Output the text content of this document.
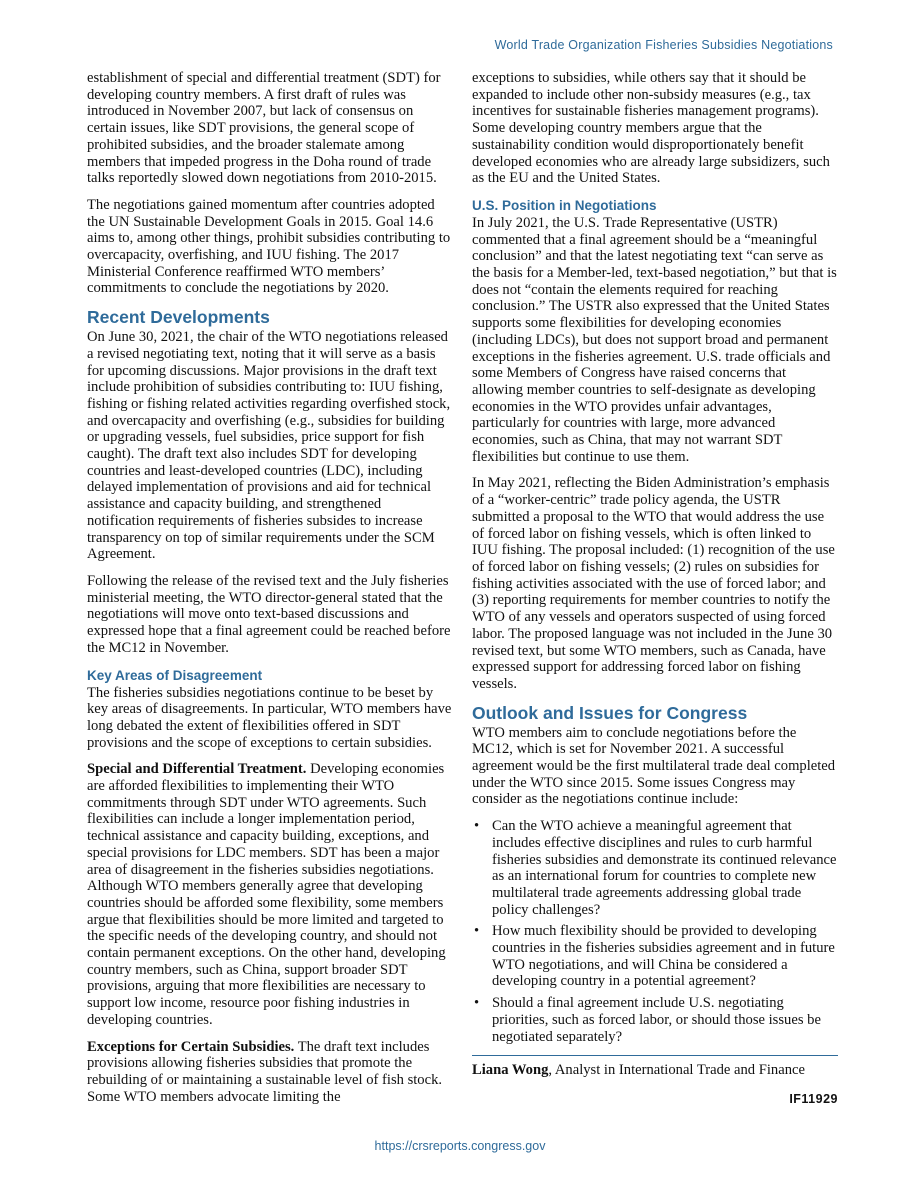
World Trade Organization Fisheries Subsidies Negotiations

establishment of special and differential treatment (SDT) for developing country members. A first draft of rules was introduced in November 2007, but lack of consensus on certain issues, like SDT provisions, the general scope of prohibited subsidies, and the broader stalemate among members that impeded progress in the Doha round of trade talks reportedly slowed down negotiations from 2010-2015.

The negotiations gained momentum after countries adopted the UN Sustainable Development Goals in 2015. Goal 14.6 aims to, among other things, prohibit subsidies contributing to overcapacity, overfishing, and IUU fishing. The 2017 Ministerial Conference reaffirmed WTO members’ commitments to conclude the negotiations by 2020.

Recent Developments

On June 30, 2021, the chair of the WTO negotiations released a revised negotiating text, noting that it will serve as a basis for upcoming discussions. Major provisions in the draft text include prohibition of subsidies contributing to: IUU fishing, fishing or fishing related activities regarding overfished stock, and overcapacity and overfishing (e.g., subsidies for building or upgrading vessels, fuel subsidies, price support for fish caught). The draft text also includes SDT for developing countries and least-developed countries (LDC), including delayed implementation of provisions and aid for technical assistance and capacity building, and strengthened notification requirements of fisheries subsides to increase transparency on top of similar requirements under the SCM Agreement.

Following the release of the revised text and the July fisheries ministerial meeting, the WTO director-general stated that the negotiations will move onto text-based discussions and expressed hope that a final agreement could be reached before the MC12 in November.

Key Areas of Disagreement

The fisheries subsidies negotiations continue to be beset by key areas of disagreements. In particular, WTO members have long debated the extent of flexibilities offered in SDT provisions and the scope of exceptions to certain subsidies.

Special and Differential Treatment. Developing economies are afforded flexibilities to implementing their WTO commitments through SDT under WTO agreements. Such flexibilities can include a longer implementation period, technical assistance and capacity building, exceptions, and special provisions for LDC members. SDT has been a major area of disagreement in the fisheries subsidies negotiations. Although WTO members generally agree that developing countries should be afforded some flexibility, some members argue that flexibilities should be more limited and targeted to the specific needs of the developing country, and should not contain permanent exceptions. On the other hand, developing country members, such as China, support broader SDT provisions, arguing that more flexibilities are necessary to support low income, resource poor fishing industries in developing countries.

Exceptions for Certain Subsidies. The draft text includes provisions allowing fisheries subsidies that promote the rebuilding of or maintaining a sustainable level of fish stock. Some WTO members advocate limiting the

exceptions to subsidies, while others say that it should be expanded to include other non-subsidy measures (e.g., tax incentives for sustainable fisheries management programs). Some developing country members argue that the sustainability condition would disproportionately benefit developed economies who are already large subsidizers, such as the EU and the United States.

U.S. Position in Negotiations

In July 2021, the U.S. Trade Representative (USTR) commented that a final agreement should be a “meaningful conclusion” and that the latest negotiating text “can serve as the basis for a Member-led, text-based negotiation,” but that is does not “contain the elements required for reaching conclusion.” The USTR also expressed that the United States supports some flexibilities for developing economies (including LDCs), but does not support broad and permanent exceptions in the fisheries agreement. U.S. trade officials and some Members of Congress have raised concerns that allowing member countries to self-designate as developing economies in the WTO provides unfair advantages, particularly for countries with large, more advanced economies, such as China, that may not warrant SDT flexibilities but continue to use them.

In May 2021, reflecting the Biden Administration’s emphasis of a “worker-centric” trade policy agenda, the USTR submitted a proposal to the WTO that would address the use of forced labor on fishing vessels, which is often linked to IUU fishing. The proposal included: (1) recognition of the use of forced labor on fishing vessels; (2) rules on subsidies for fishing activities associated with the use of forced labor; and (3) reporting requirements for member countries to notify the WTO of any vessels and operators suspected of using forced labor. The proposed language was not included in the June 30 revised text, but some WTO members, such as Canada, have expressed support for addressing forced labor on fishing vessels.

Outlook and Issues for Congress

WTO members aim to conclude negotiations before the MC12, which is set for November 2021. A successful agreement would be the first multilateral trade deal completed under the WTO since 2015. Some issues Congress may consider as the negotiations continue include:

• Can the WTO achieve a meaningful agreement that includes effective disciplines and rules to curb harmful fisheries subsidies and demonstrate its continued relevance as an international forum for countries to complete new multilateral trade agreements addressing global trade policy challenges?
• How much flexibility should be provided to developing countries in the fisheries subsidies agreement and in future WTO negotiations, and will China be considered a developing country in a potential agreement?
• Should a final agreement include U.S. negotiating priorities, such as forced labor, or should those issues be negotiated separately?

Liana Wong, Analyst in International Trade and Finance

IF11929
https://crsreports.congress.gov
